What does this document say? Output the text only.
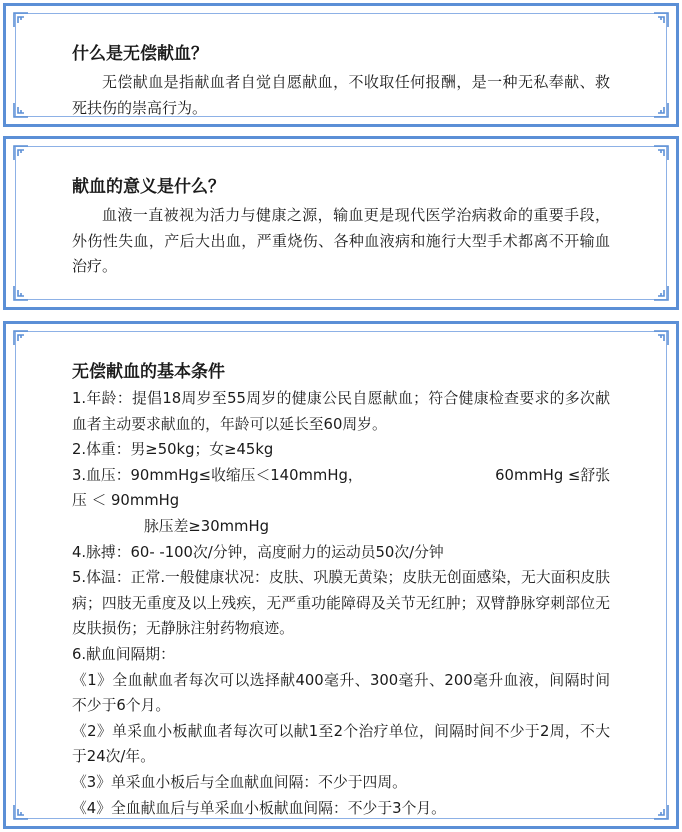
什么是无偿献血？

无偿献血是指献血者自觉自愿献血，不收取任何报酬，是一种无私奉献、救死扶伤的崇高行为。

献血的意义是什么？

血液一直被视为活力与健康之源，输血更是现代医学治病救命的重要手段，外伤性失血，产后大出血，严重烧伤、各种血液病和施行大型手术都离不开输血治疗。

无偿献血的基本条件

1.年龄：提倡18周岁至55周岁的健康公民自愿献血；符合健康检查要求的多次献血者主动要求献血的，年龄可以延长至60周岁。

2.体重：男≥50kg；女≥45kg

3.血压：90mmHg≤收缩压＜140mmHg，	60mmHg ≤舒张

压 ＜ 90mmHg

脉压差≥30mmHg

4.脉搏：60- -100次/分钟，高度耐力的运动员50次/分钟

5.体温：正常.一般健康状况：皮肤、巩膜无黄染；皮肤无创面感染，无大面积皮肤病；四肢无重度及以上残疾，无严重功能障碍及关节无红肿；双臂静脉穿刺部位无皮肤损伤；无静脉注射药物痕迹。

6.献血间隔期：

《1》全血献血者每次可以选择献400毫升、300毫升、200毫升血液，间隔时间不少于6个月。

《2》单采血小板献血者每次可以献1至2个治疗单位，间隔时间不少于2周，不大于24次/年。

《3》单采血小板后与全血献血间隔：不少于四周。

《4》全血献血后与单采血小板献血间隔：不少于3个月。
